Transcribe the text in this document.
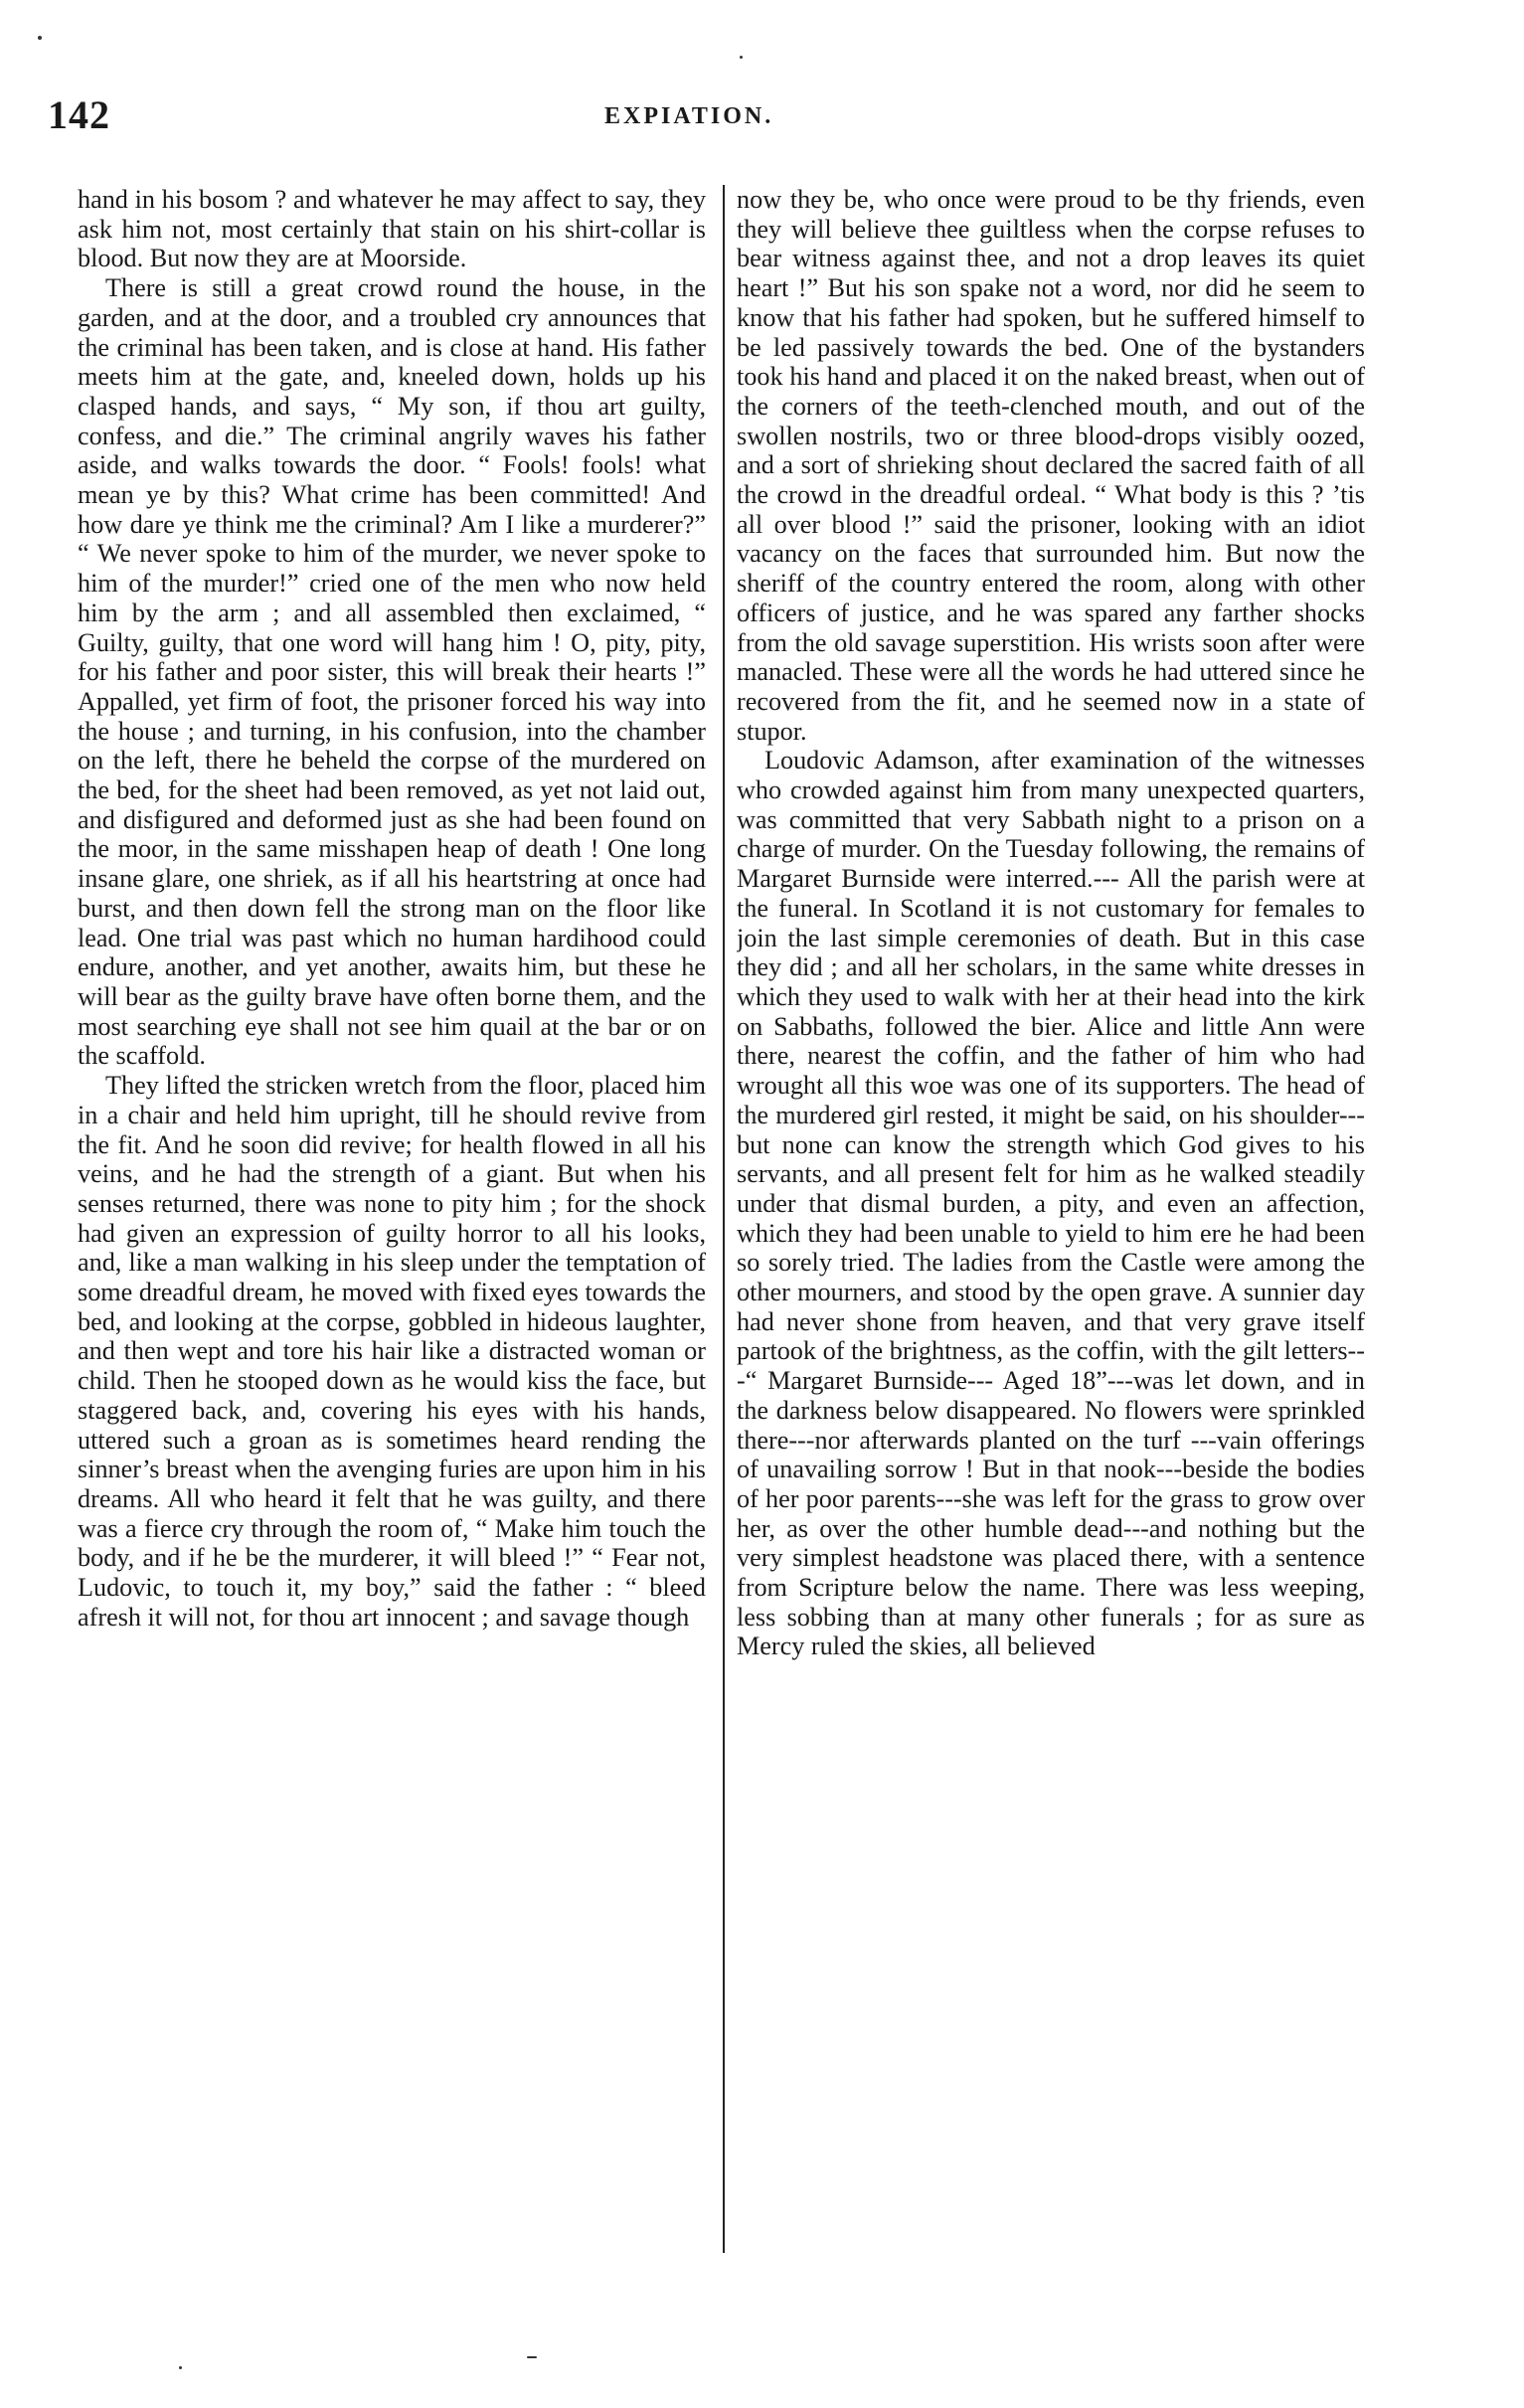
142	EXPIATION.

hand in his bosom ? and whatever he may affect to say, they ask him not, most certainly that stain on his shirt-collar is blood. But now they are at Moorside.

There is still a great crowd round the house, in the garden, and at the door, and a troubled cry announces that the criminal has been taken, and is close at hand. His father meets him at the gate, and, kneeled down, holds up his clasped hands, and says, “ My son, if thou art guilty, confess, and die.” The criminal angrily waves his father aside, and walks towards the door. “ Fools! fools! what mean ye by this? What crime has been committed! And how dare ye think me the criminal? Am I like a murderer?” “ We never spoke to him of the murder, we never spoke to him of the murder!” cried one of the men who now held him by the arm ; and all assembled then exclaimed, “ Guilty, guilty, that one word will hang him ! O, pity, pity, for his father and poor sister, this will break their hearts !” Appalled, yet firm of foot, the prisoner forced his way into the house ; and turning, in his confusion, into the chamber on the left, there he beheld the corpse of the murdered on the bed, for the sheet had been removed, as yet not laid out, and disfigured and deformed just as she had been found on the moor, in the same misshapen heap of death ! One long insane glare, one shriek, as if all his heartstring at once had burst, and then down fell the strong man on the floor like lead. One trial was past which no human hardihood could endure, another, and yet another, awaits him, but these he will bear as the guilty brave have often borne them, and the most searching eye shall not see him quail at the bar or on the scaffold.

They lifted the stricken wretch from the floor, placed him in a chair and held him upright, till he should revive from the fit. And he soon did revive; for health flowed in all his veins, and he had the strength of a giant. But when his senses returned, there was none to pity him ; for the shock had given an expression of guilty horror to all his looks, and, like a man walking in his sleep under the temptation of some dreadful dream, he moved with fixed eyes towards the bed, and looking at the corpse, gobbled in hideous laughter, and then wept and tore his hair like a distracted woman or child. Then he stooped down as he would kiss the face, but staggered back, and, covering his eyes with his hands, uttered such a groan as is sometimes heard rending the sinner’s breast when the avenging furies are upon him in his dreams. All who heard it felt that he was guilty, and there was a fierce cry through the room of, “ Make him touch the body, and if he be the murderer, it will bleed !” “ Fear not, Ludovic, to touch it, my boy,” said the father : “ bleed afresh it will not, for thou art innocent ; and savage though

now they be, who once were proud to be thy friends, even they will believe thee guiltless when the corpse refuses to bear witness against thee, and not a drop leaves its quiet heart !” But his son spake not a word, nor did he seem to know that his father had spoken, but he suffered himself to be led passively towards the bed. One of the bystanders took his hand and placed it on the naked breast, when out of the corners of the teeth-clenched mouth, and out of the swollen nostrils, two or three blood-drops visibly oozed, and a sort of shrieking shout declared the sacred faith of all the crowd in the dreadful ordeal. “ What body is this ? ’tis all over blood !” said the prisoner, looking with an idiot vacancy on the faces that surrounded him. But now the sheriff of the country entered the room, along with other officers of justice, and he was spared any farther shocks from the old savage superstition. His wrists soon after were manacled. These were all the words he had uttered since he recovered from the fit, and he seemed now in a state of stupor.

Loudovic Adamson, after examination of the witnesses who crowded against him from many unexpected quarters, was committed that very Sabbath night to a prison on a charge of murder. On the Tuesday following, the remains of Margaret Burnside were interred.--- All the parish were at the funeral. In Scotland it is not customary for females to join the last simple ceremonies of death. But in this case they did ; and all her scholars, in the same white dresses in which they used to walk with her at their head into the kirk on Sabbaths, followed the bier. Alice and little Ann were there, nearest the coffin, and the father of him who had wrought all this woe was one of its supporters. The head of the murdered girl rested, it might be said, on his shoulder--- but none can know the strength which God gives to his servants, and all present felt for him as he walked steadily under that dismal burden, a pity, and even an affection, which they had been unable to yield to him ere he had been so sorely tried. The ladies from the Castle were among the other mourners, and stood by the open grave. A sunnier day had never shone from heaven, and that very grave itself partook of the brightness, as the coffin, with the gilt letters---“ Margaret Burnside--- Aged 18”---was let down, and in the darkness below disappeared. No flowers were sprinkled there---nor afterwards planted on the turf ---vain offerings of unavailing sorrow ! But in that nook---beside the bodies of her poor parents---she was left for the grass to grow over her, as over the other humble dead---and nothing but the very simplest headstone was placed there, with a sentence from Scripture below the name. There was less weeping, less sobbing than at many other funerals ; for as sure as Mercy ruled the skies, all believed
